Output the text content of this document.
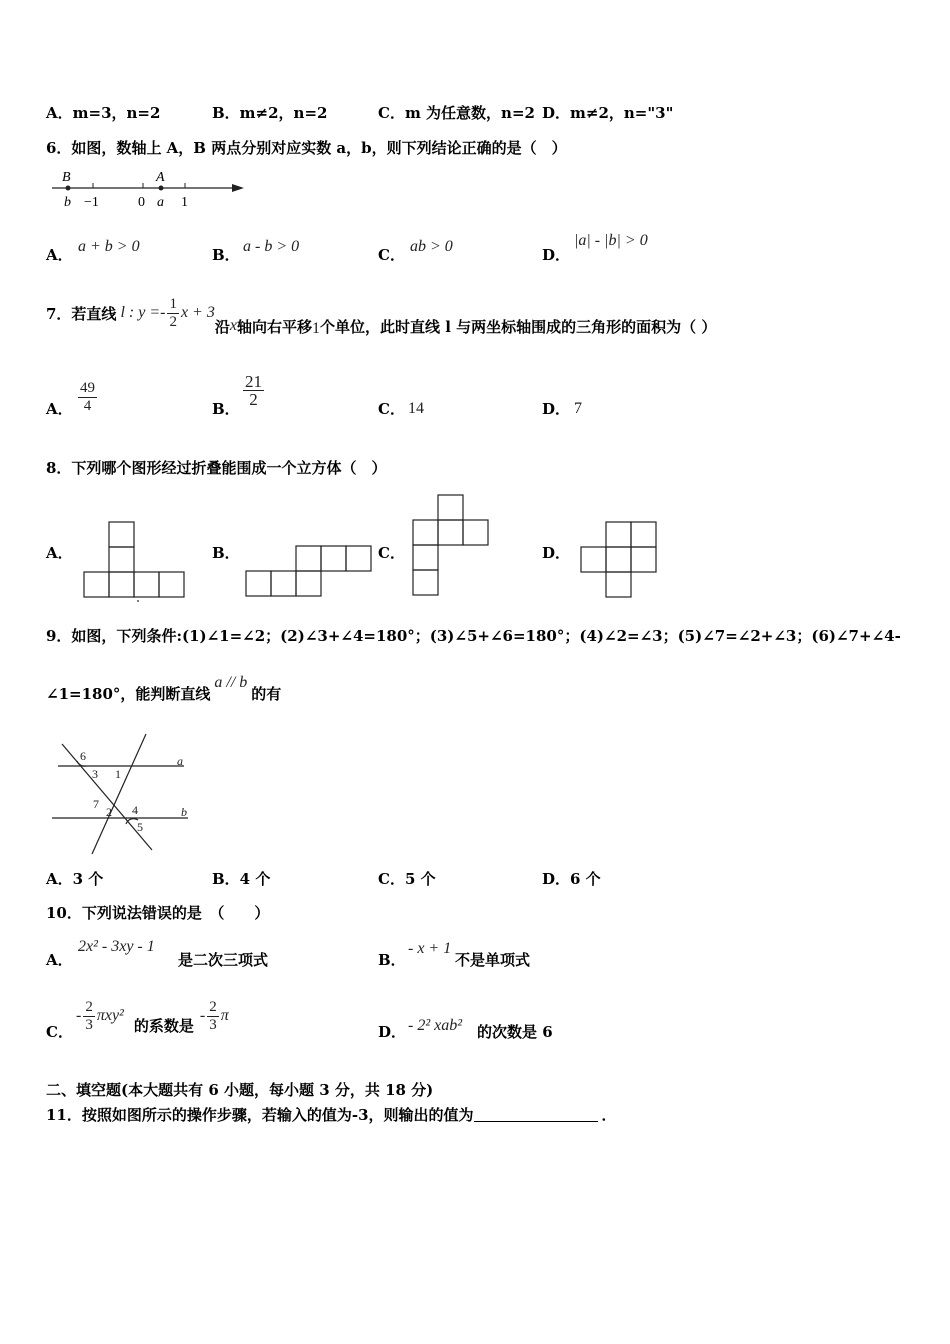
A．m=3，n=2	B．m≠2，n=2	C．m 为任意数，n=2 D．m≠2，n="3"
6．如图，数轴上 A，B 两点分别对应实数 a，b，则下列结论正确的是（　）
B	A
b −1	0 a 1
A． a + b > 0	B． a - b > 0	C． ab > 0	D．
|a| - |b| > 0
7．若直线 l : $y =- \frac{1}{2}$ x + 3
沿 x 轴向右平移 1 个单位，此时直线 l 与两坐标轴围成的三角形的面积为（ ）
A． $\frac{49}{4}$	B．
$\frac{21}{2}$
C． 14	D． 7
8．下列哪个图形经过折叠能围成一个立方体（　）
A．	B．	C．	D．
9．如图，下列条件:(1)∠1=∠2；(2)∠3+∠4=180°；(3)∠5+∠6=180°；(4)∠2=∠3；(5)∠7=∠2+∠3；(6)∠7+∠4-
∠1=180°，能判断直线
a // b
的有
6
3 1
a
7
2 4
5
b
A．3 个	B．4 个	C．5 个	D．6 个
10．下列说法错误的是　（　　）
A．
2x² - 3xy - 1
是二次三项式	B．
- x + 1
不是单项式
C．
- $\frac{2}{3} \pi xy^2$
的系数是
- $\frac{2}{3}$ π
D． - 2² xab² 的次数是 6
二、填空题(本大题共有 6 小题，每小题 3 分，共 18 分)
11．按照如图所示的操作步骤，若输入的值为-3，则输出的值为	．
